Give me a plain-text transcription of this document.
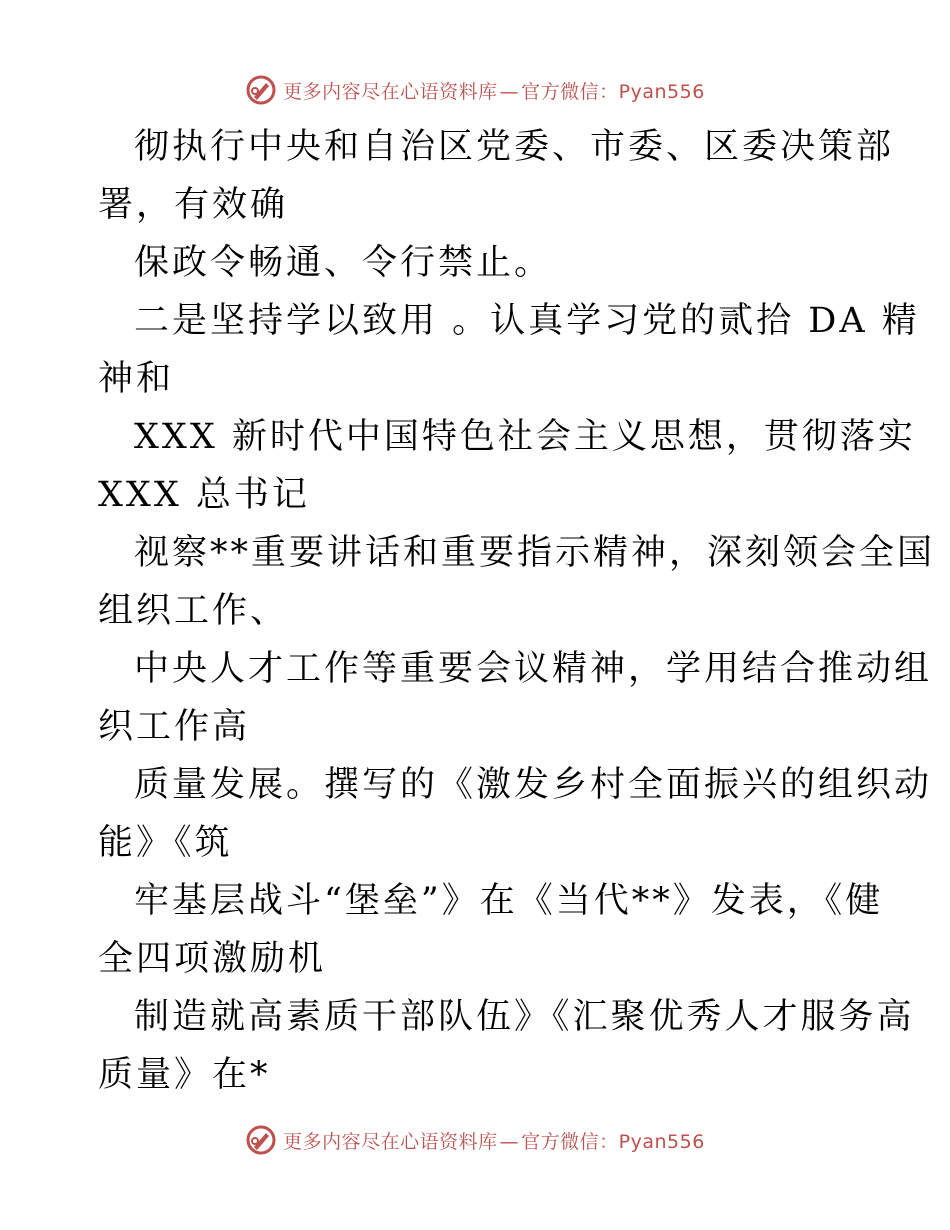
更多内容尽在心语资料库 — 官方微信：Pyan556
彻执行中央和自治区党委、市委、区委决策部
署，有效确
保政令畅通、令行禁止。
二是坚持学以致用 。认真学习党的贰拾 DA 精
神和
XXX 新时代中国特色社会主义思想，贯彻落实
XXX 总书记
视察**重要讲话和重要指示精神，深刻领会全国
组织工作、
中央人才工作等重要会议精神，学用结合推动组
织工作高
质量发展。撰写的《激发乡村全面振兴的组织动
能》《筑
牢基层战斗“堡垒”》在《当代**》发表，《健
全四项激励机
制造就高素质干部队伍》《汇聚优秀人才服务高
质量》在*
更多内容尽在心语资料库 — 官方微信：Pyan556
